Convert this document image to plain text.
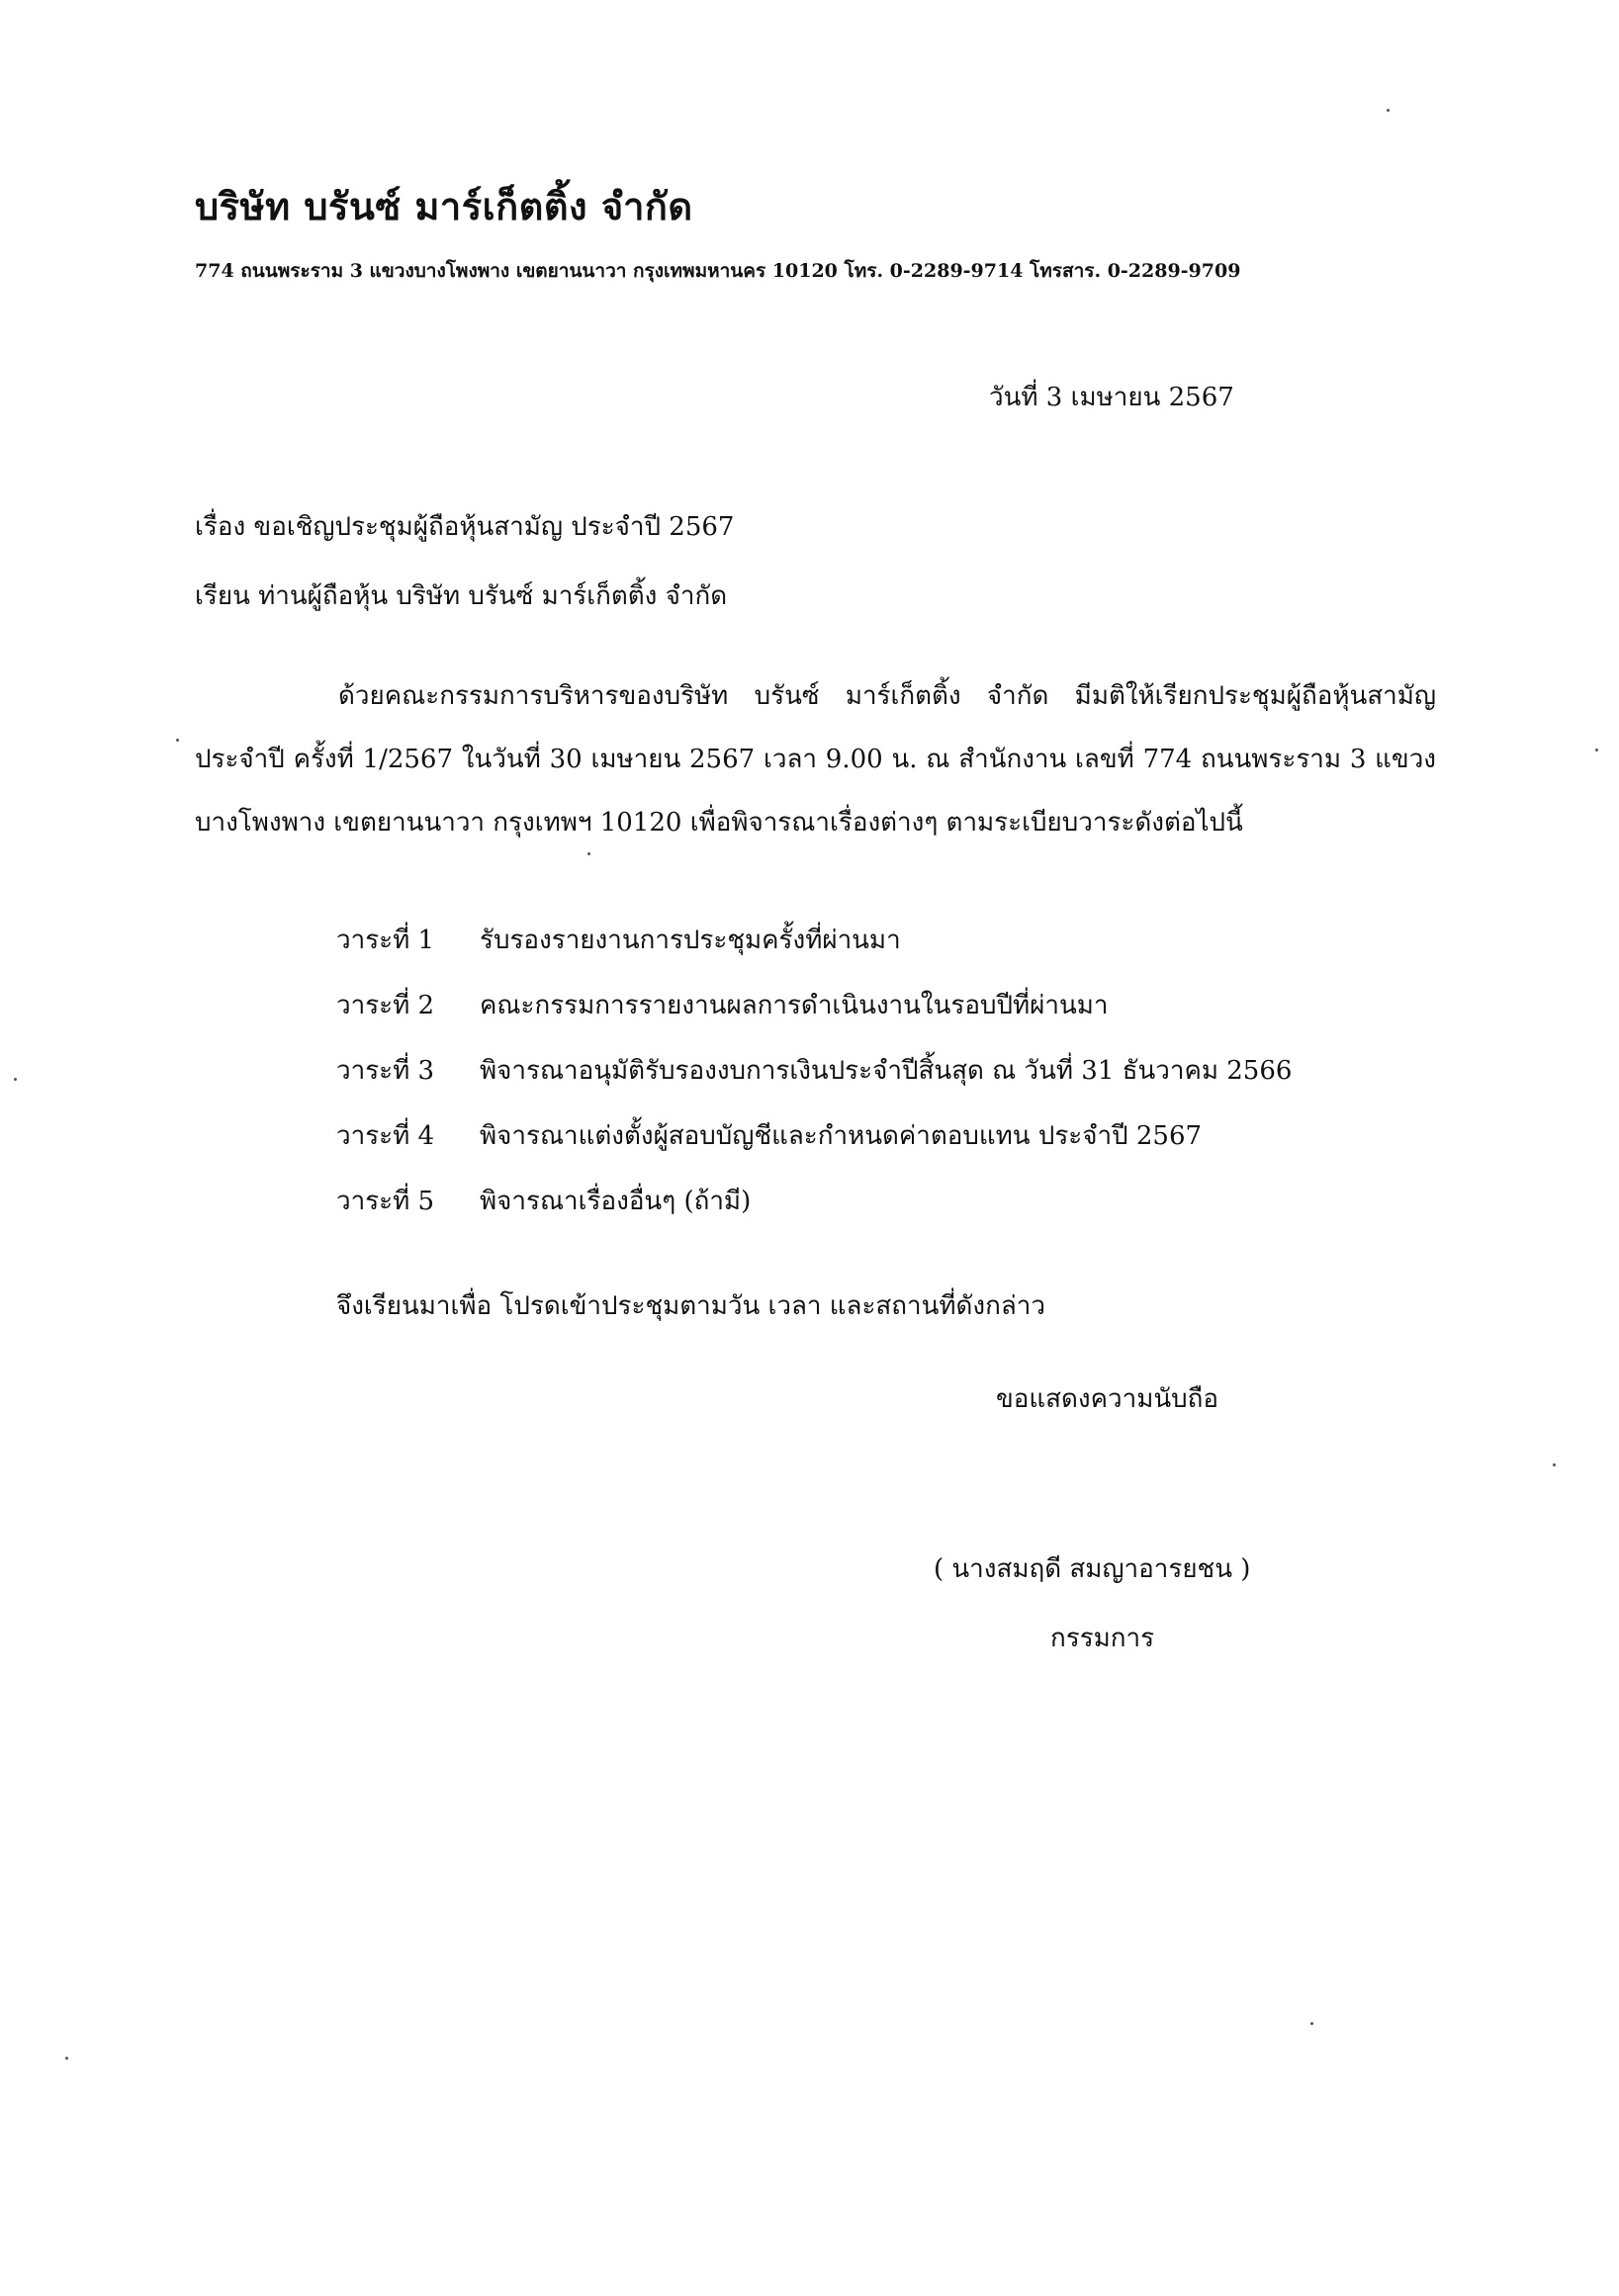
บริษัท บรันซ์ มาร์เก็ตติ้ง จำกัด
774 ถนนพระราม 3 แขวงบางโพงพาง เขตยานนาวา กรุงเทพมหานคร 10120 โทร. 0-2289-9714 โทรสาร. 0-2289-9709
วันที่ 3 เมษายน 2567
เรื่อง ขอเชิญประชุมผู้ถือหุ้นสามัญ ประจำปี 2567
เรียน ท่านผู้ถือหุ้น บริษัท บรันซ์ มาร์เก็ตติ้ง จำกัด
ด้วยคณะกรรมการบริหารของบริษัท บรันซ์ มาร์เก็ตติ้ง จำกัด มีมติให้เรียกประชุมผู้ถือหุ้นสามัญประจำปี ครั้งที่ 1/2567 ในวันที่ 30 เมษายน 2567 เวลา 9.00 น. ณ สำนักงาน เลขที่ 774 ถนนพระราม 3 แขวงบางโพงพาง เขตยานนาวา กรุงเทพฯ 10120 เพื่อพิจารณาเรื่องต่างๆ ตามระเบียบวาระดังต่อไปนี้
วาระที่ 1	รับรองรายงานการประชุมครั้งที่ผ่านมา
วาระที่ 2	คณะกรรมการรายงานผลการดำเนินงานในรอบปีที่ผ่านมา
วาระที่ 3	พิจารณาอนุมัติรับรองงบการเงินประจำปีสิ้นสุด ณ วันที่ 31 ธันวาคม 2566
วาระที่ 4	พิจารณาแต่งตั้งผู้สอบบัญชีและกำหนดค่าตอบแทน ประจำปี 2567
วาระที่ 5	พิจารณาเรื่องอื่นๆ (ถ้ามี)
จึงเรียนมาเพื่อ โปรดเข้าประชุมตามวัน เวลา และสถานที่ดังกล่าว
ขอแสดงความนับถือ
( นางสมฤดี สมญาอารยชน )
กรรมการ
